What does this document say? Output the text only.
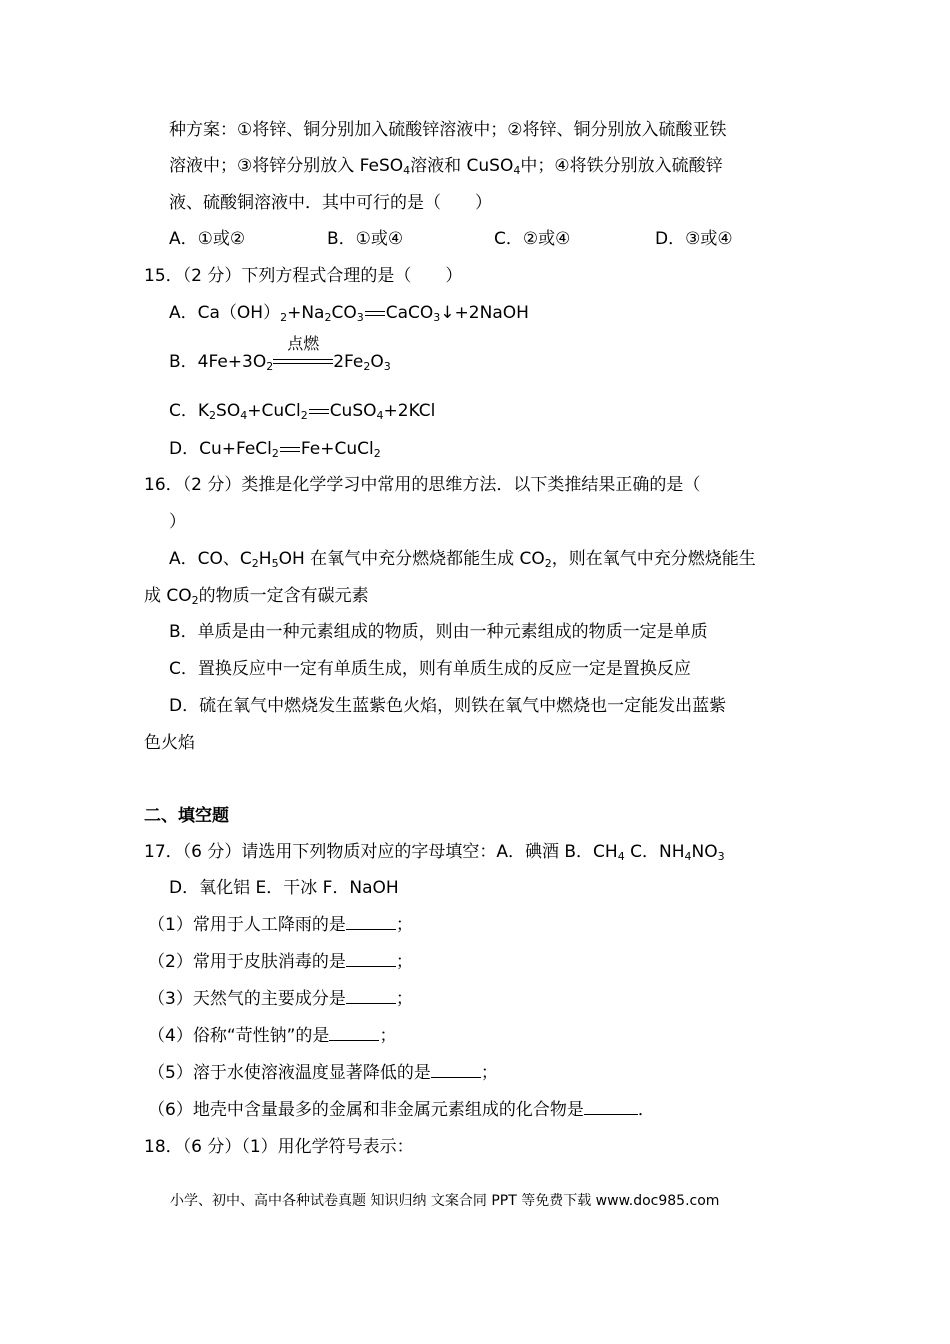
种方案：①将锌、铜分别加入硫酸锌溶液中；②将锌、铜分别放入硫酸亚铁
溶液中；③将锌分别放入 FeSO$_4$溶液和 CuSO$_4$中；④将铁分别放入硫酸锌
液、硫酸铜溶液中．其中可行的是（　　）
A．①或②	B．①或④	C．②或④	D．③或④
15．（2 分）下列方程式合理的是（　　）
A．$Ca(OH)_2+Na_2CO_3$ CaCO$_3$↓+2NaOH
B．$4Fe+3O_2$
点燃
$2Fe_2O_3$
C．$K_2SO_4+CuCl_2$ CuSO$_4$+2KCl
D．Cu+FeCl$_2$ Fe+CuCl$_2$
16．（2 分）类推是化学学习中常用的思维方法．以下类推结果正确的是（
）
A．CO、$C_2H_5OH$ 在氧气中充分燃烧都能生成 $CO_2$，则在氧气中充分燃烧能生
成 $CO_2$的物质一定含有碳元素
B．单质是由一种元素组成的物质，则由一种元素组成的物质一定是单质
C．置换反应中一定有单质生成，则有单质生成的反应一定是置换反应
D．硫在氧气中燃烧发生蓝紫色火焰，则铁在氧气中燃烧也一定能发出蓝紫
色火焰
二、填空题
17．（6 分）请选用下列物质对应的字母填空：A．碘酒 B．$CH_4$ C．$NH_4NO_3$
D．氧化铝 E．干冰 F．NaOH
（1）常用于人工降雨的是	；
（2）常用于皮肤消毒的是	；
（3）天然气的主要成分是	；
（4）俗称“苛性钠”的是	；
（5）溶于水使溶液温度显著降低的是	；
（6）地壳中含量最多的金属和非金属元素组成的化合物是	．
18．（6 分）（1）用化学符号表示：
小学、初中、高中各种试卷真题 知识归纳 文案合同 PPT 等免费下载 www.doc985.com
